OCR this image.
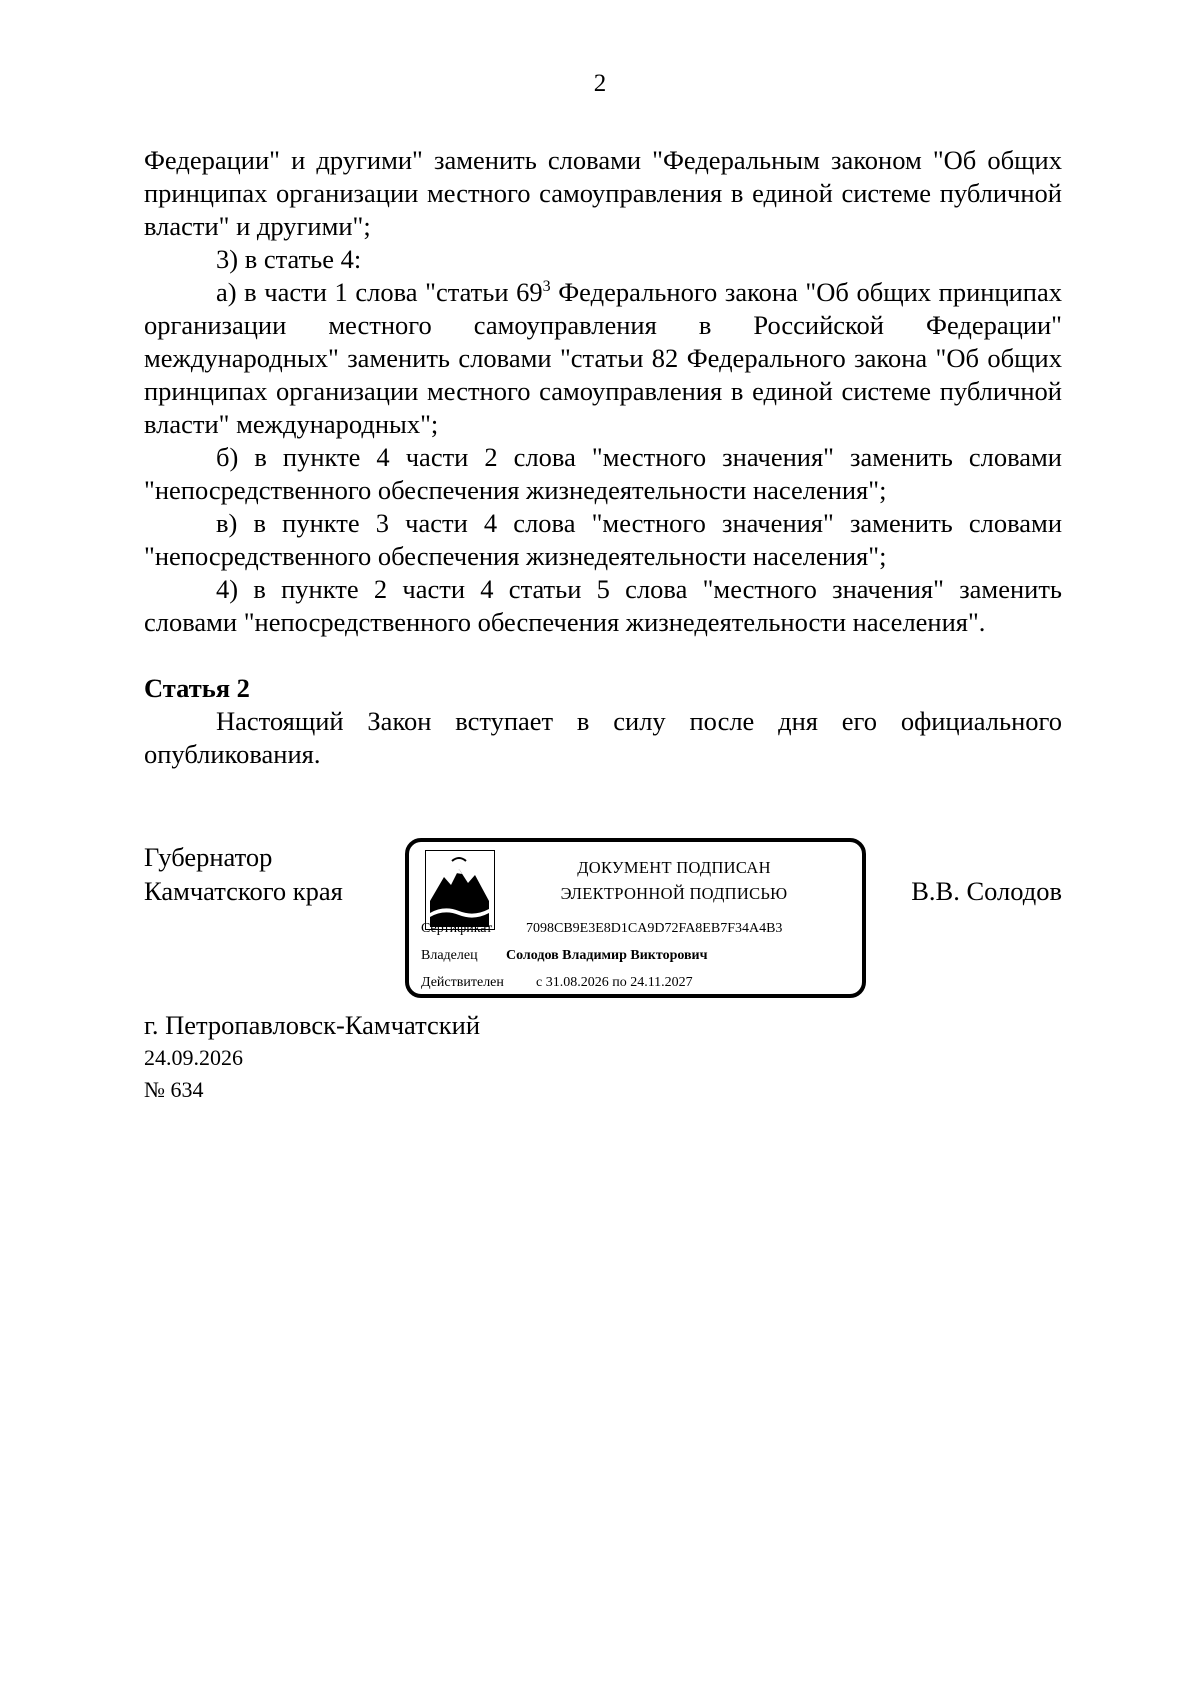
2

Федерации" и другими" заменить словами "Федеральным законом "Об общих принципах организации местного самоуправления в единой системе публичной власти" и другими";

3) в статье 4:

а) в части 1 слова "статьи $69^3$ Федерального закона "Об общих принципах организации местного самоуправления в Российской Федерации" международных" заменить словами "статьи 82 Федерального закона "Об общих принципах организации местного самоуправления в единой системе публичной власти" международных";

б) в пункте 4 части 2 слова "местного значения" заменить словами "непосредственного обеспечения жизнедеятельности населения";

в) в пункте 3 части 4 слова "местного значения" заменить словами "непосредственного обеспечения жизнедеятельности населения";

4) в пункте 2 части 4 статьи 5 слова "местного значения" заменить словами "непосредственного обеспечения жизнедеятельности населения".

Статья 2

Настоящий Закон вступает в силу после дня его официального опубликования.

Губернатор
Камчатского края
ДОКУМЕНТ ПОДПИСАН
ЭЛЕКТРОННОЙ ПОДПИСЬЮ
Сертификат 7098CB9E3E8D1CA9D72FA8EB7F34A4B3
Владелец Солодов Владимир Викторович
Действителен с 31.08.2026 по 24.11.2027
В.В. Солодов
г. Петропавловск-Камчатский
24.09.2026
№ 634
